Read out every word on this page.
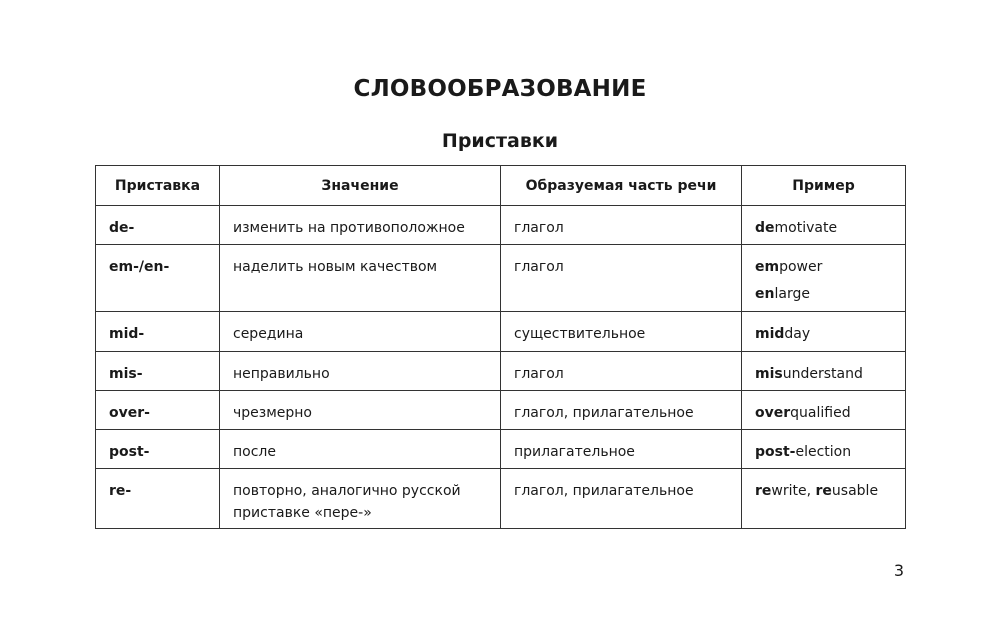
СЛОВООБРАЗОВАНИЕ
Приставки
Приставка	Значение	Образуемая часть речи	Пример
de-	изменить на противоположное	глагол	demotivate

em-/en-	наделить новым качеством	глагол	empower
enlarge

mid-	середина	существительное	midday

mis-	неправильно	глагол	misunderstand

over-	чрезмерно	глагол, прилагательное	overqualified

post-	после	прилагательное	post-election

re-	повторно, аналогично русской приставке «пере-»	глагол, прилагательное	rewrite, reusable
3
